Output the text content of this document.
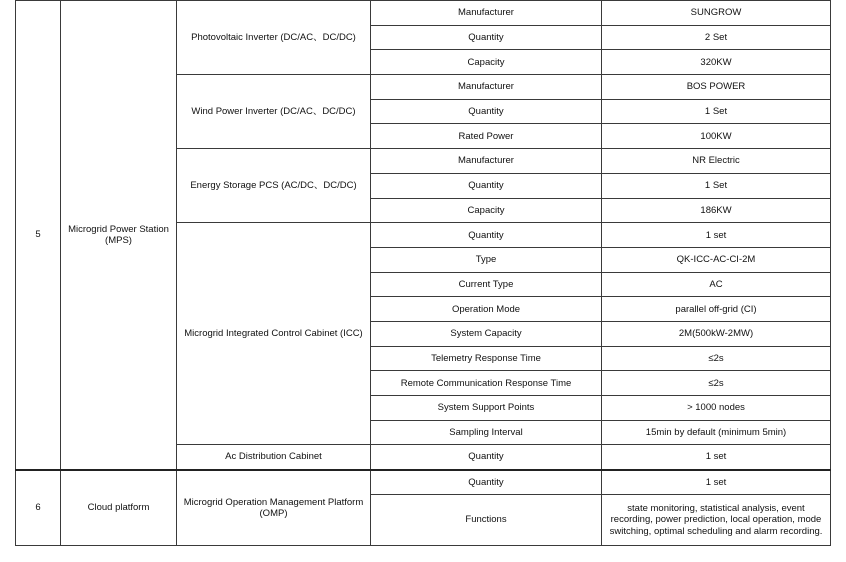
5	Microgrid Power Station (MPS)	Photovoltaic Inverter (DC/AC、DC/DC)	Manufacturer	SUNGROW
			Quantity	2 Set
			Capacity	320KW
		Wind Power Inverter (DC/AC、DC/DC)	Manufacturer	BOS POWER
			Quantity	1 Set
			Rated Power	100KW
		Energy Storage PCS (AC/DC、DC/DC)	Manufacturer	NR Electric
			Quantity	1 Set
			Capacity	186KW
		Microgrid Integrated Control Cabinet (ICC)	Quantity	1 set
			Type	QK-ICC-AC-CI-2M
			Current Type	AC
			Operation Mode	parallel off-grid (CI)
			System Capacity	2M(500kW-2MW)
			Telemetry Response Time	≤2s
			Remote Communication Response Time	≤2s
			System Support Points	> 1000 nodes
			Sampling Interval	15min by default (minimum 5min)
		Ac Distribution Cabinet	Quantity	1 set
6	Cloud platform	Microgrid Operation Management Platform (OMP)	Quantity	1 set
			Functions	state monitoring, statistical analysis, event recording, power prediction, local operation, mode switching, optimal scheduling and alarm recording.
